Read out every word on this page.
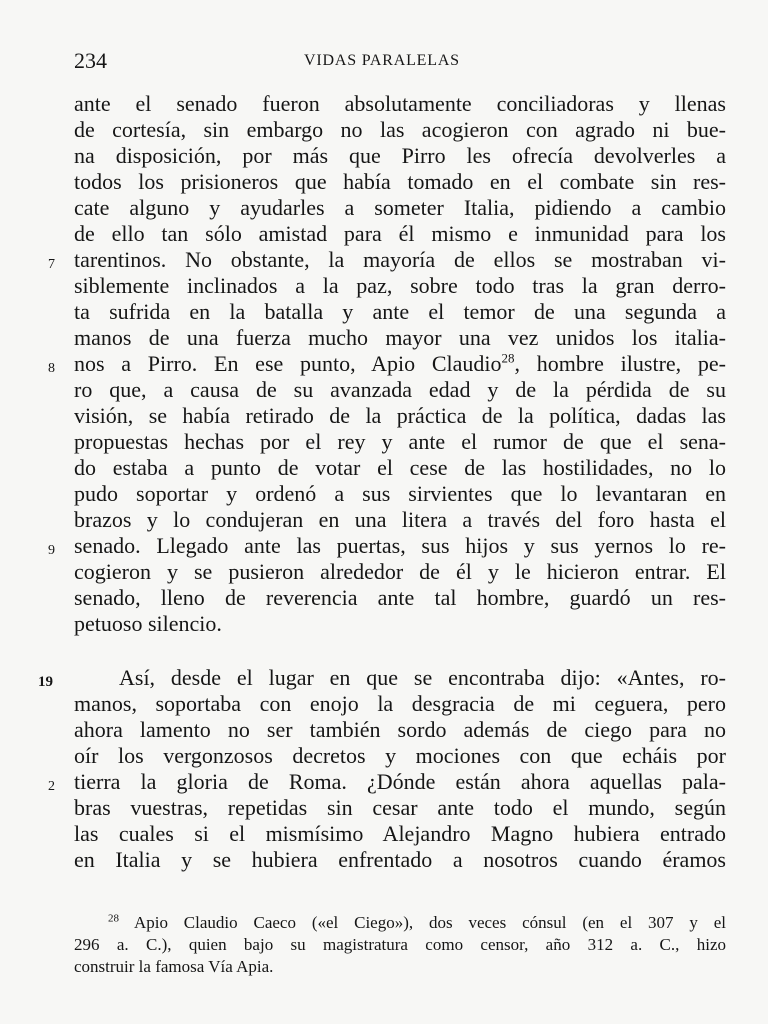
234	VIDAS PARALELAS
ante el senado fueron absolutamente conciliadoras y llenas
de cortesía, sin embargo no las acogieron con agrado ni bue-
na disposición, por más que Pirro les ofrecía devolverles a
todos los prisioneros que había tomado en el combate sin res-
cate alguno y ayudarles a someter Italia, pidiendo a cambio
de ello tan sólo amistad para él mismo e inmunidad para los
tarentinos. No obstante, la mayoría de ellos se mostraban vi-
siblemente inclinados a la paz, sobre todo tras la gran derro-
ta sufrida en la batalla y ante el temor de una segunda a
manos de una fuerza mucho mayor una vez unidos los italia-
nos a Pirro. En ese punto, Apio Claudio$^{28}$, hombre ilustre, pe-
ro que, a causa de su avanzada edad y de la pérdida de su
visión, se había retirado de la práctica de la política, dadas las
propuestas hechas por el rey y ante el rumor de que el sena-
do estaba a punto de votar el cese de las hostilidades, no lo
pudo soportar y ordenó a sus sirvientes que lo levantaran en
brazos y lo condujeran en una litera a través del foro hasta el
senado. Llegado ante las puertas, sus hijos y sus yernos lo re-
cogieron y se pusieron alrededor de él y le hicieron entrar. El
senado, lleno de reverencia ante tal hombre, guardó un res-
petuoso silencio.
Así, desde el lugar en que se encontraba dijo: «Antes, ro-
manos, soportaba con enojo la desgracia de mi ceguera, pero
ahora lamento no ser también sordo además de ciego para no
oír los vergonzosos decretos y mociones con que echáis por
tierra la gloria de Roma. ¿Dónde están ahora aquellas pala-
bras vuestras, repetidas sin cesar ante todo el mundo, según
las cuales si el mismísimo Alejandro Magno hubiera entrado
en Italia y se hubiera enfrentado a nosotros cuando éramos
7
8
9
19
2
$^{28}$ Apio Claudio Caeco («el Ciego»), dos veces cónsul (en el 307 y el
296 a. C.), quien bajo su magistratura como censor, año 312 a. C., hizo
construir la famosa Vía Apia.
